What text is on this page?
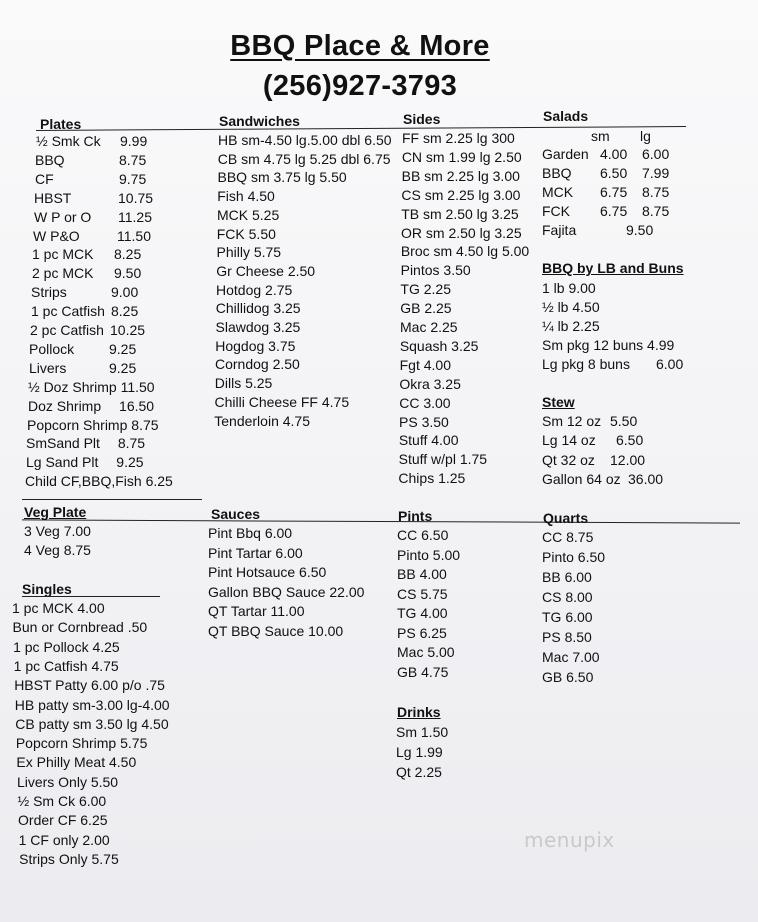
BBQ Place & More
(256)927-3793
Plates	Sandwiches	Sides	Salads
½ Smk Ck 9.99
BBQ	8.75
CF	9.75
HBST	10.75
W P or O 11.25
W P&O	11.50
1 pc MCK 8.25
2 pc MCK 9.50
Strips	9.00
1 pc Catfish 8.25
2 pc Catfish 10.25
Pollock 9.25
Livers	9.25
½ Doz Shrimp 11.50
Doz Shrimp 16.50
Popcorn Shrimp 8.75
SmSand Plt 8.75
Lg Sand Plt 9.25
Child CF,BBQ,Fish 6.25
HB sm-4.50 lg.5.00 dbl 6.50
CB sm 4.75 lg 5.25 dbl 6.75
BBQ sm 3.75 lg 5.50
Fish 4.50
MCK 5.25
FCK 5.50
Philly 5.75
Gr Cheese 2.50
Hotdog 2.75
Chillidog 3.25
Slawdog 3.25
Hogdog 3.75
Corndog 2.50
Dills 5.25
Chilli Cheese FF 4.75
Tenderloin 4.75
FF sm 2.25 lg 300
CN sm 1.99 lg 2.50
BB sm 2.25 lg 3.00
CS sm 2.25 lg 3.00
TB sm 2.50 lg 3.25
OR sm 2.50 lg 3.25
Broc sm 4.50 lg 5.00
Pintos 3.50
TG 2.25
GB 2.25
Mac 2.25
Squash 3.25
Fgt 4.00
Okra 3.25
CC 3.00
PS 3.50
Stuff 4.00
Stuff w/pl 1.75
Chips 1.25
sm lg
Garden 4.00 6.00
BBQ 6.50 7.99
MCK 6.75 8.75
FCK 6.75 8.75
Fajita	9.50
BBQ by LB and Buns
1 lb 9.00
½ lb 4.50
¼ lb 2.25
Sm pkg 12 buns 4.99
Lg pkg 8 buns 6.00
Stew
Sm 12 oz 5.50
Lg 14 oz 6.50
Qt 32 oz 12.00
Gallon 64 oz 36.00
Veg Plate
3 Veg 7.00
4 Veg 8.75
Singles
1 pc MCK 4.00
Bun or Cornbread .50
1 pc Pollock 4.25
1 pc Catfish 4.75
HBST Patty 6.00 p/o .75
HB patty sm-3.00 lg-4.00
CB patty sm 3.50 lg 4.50
Popcorn Shrimp 5.75
Ex Philly Meat 4.50
Livers Only 5.50
½ Sm Ck 6.00
Order CF 6.25
1 CF only 2.00
Strips Only 5.75
Sauces
Pint Bbq 6.00
Pint Tartar 6.00
Pint Hotsauce 6.50
Gallon BBQ Sauce 22.00
QT Tartar 11.00
QT BBQ Sauce 10.00
Pints
CC 6.50
Pinto 5.00
BB 4.00
CS 5.75
TG 4.00
PS 6.25
Mac 5.00
GB 4.75
Drinks
Sm 1.50
Lg 1.99
Qt 2.25
Quarts
CC 8.75
Pinto 6.50
BB 6.00
CS 8.00
TG 6.00
PS 8.50
Mac 7.00
GB 6.50
menupix
